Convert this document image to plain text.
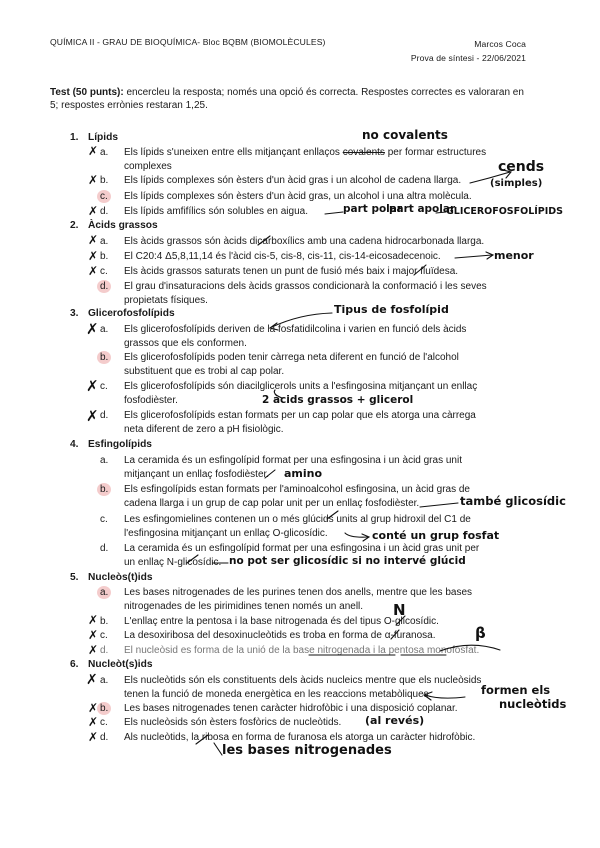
QUÍMICA II - GRAU DE BIOQUÍMICA- Bloc BQBM (BIOMOLÈCULES)	Marcos Coca
Prova de síntesi - 22/06/2021
Test (50 punts): encercleu la resposta; només una opció és correcta. Respostes correctes es valoraran en 5; respostes errònies restaran 1,25.
1. Lípids
a.	Els lípids s'uneixen entre ells mitjançant enllaços covalents per formar estructures
complexes
b.	Els lípids complexes són èsters d'un àcid gras i un alcohol de cadena llarga.
c.	Els lípids complexes són èsters d'un àcid gras, un alcohol i una altra molècula.
d.	Els lípids amfifílics són solubles en aigua.
2. Àcids grassos
a.	Els àcids grassos són àcids dicarboxílics amb una cadena hidrocarbonada llarga.
b.	El C20:4 Δ5,8,11,14 és l'àcid cis-5, cis-8, cis-11, cis-14-eicosadecenoic.
c.	Els àcids grassos saturats tenen un punt de fusió més baix i major fluïdesa.
d.	El grau d'insaturacions dels àcids grassos condicionarà la conformació i les seves
propietats físiques.
3. Glicerofosfolípids
a.	Els glicerofosfolípids deriven de la fosfatidilcolina i varien en funció dels àcids
grassos que els conformen.
b.	Els glicerofosfolípids poden tenir càrrega neta diferent en funció de l'alcohol
substituent que es trobi al cap polar.
c.	Els glicerofosfolípids són diacilglicerols units a l'esfingosina mitjançant un enllaç
fosfodièster.
d.	Els glicerofosfolípids estan formats per un cap polar que els atorga una càrrega
neta diferent de zero a pH fisiològic.
4. Esfingolípids
a.	La ceramida és un esfingolípid format per una esfingosina i un àcid gras unit
mitjançant un enllaç fosfodièster.
b.	Els esfingolípids estan formats per l'aminoalcohol esfingosina, un àcid gras de
cadena llarga i un grup de cap polar unit per un enllaç fosfodièster.
c.	Les esfingomielines contenen un o més glúcids units al grup hidroxil del C1 de
l'esfingosina mitjançant un enllaç O-glicosídic.
d.	La ceramida és un esfingolípid format per una esfingosina i un àcid gras unit per
un enllaç N-glicosídic.
5. Nucleòs(t)ids
a.	Les bases nitrogenades de les purines tenen dos anells, mentre que les bases
nitrogenades de les pirimidines tenen només un anell.
b.	L'enllaç entre la pentosa i la base nitrogenada és del tipus O-glicosídic.
c.	La desoxiribosa del desoxinucleòtids es troba en forma de α-furanosa.
d.	El nucleòsid es forma de la unió de la base nitrogenada i la pentosa monofosfat.
6. Nucleòt(s)ids
a.	Els nucleòtids són els constituents dels àcids nucleics mentre que els nucleòsids
tenen la funció de moneda energètica en les reaccions metabòliques.
b.	Les bases nitrogenades tenen caràcter hidrofòbic i una disposició coplanar.
c.	Els nucleòsids són èsters fosfòrics de nucleòtids.
d.	Als nucleòtids, la ribosa en forma de furanosa els atorga un caràcter hidrofòbic.
✗
✗
✗
✗
✗
✗
✗
✗
✗
✗
✗
✗
✗
✗
✗
✗
no covalents
cends
(simples)
part polar
part apolar
GLICEROFOSFOLÍPIDS
menor
Tipus de fosfolípid
2 àcids grassos + glicerol
amino
també glicosídic
conté un grup fosfat
no pot ser glicosídic si no intervé glúcid
N
β
formen els
nucleòtids
(al revés)
les bases nitrogenades
